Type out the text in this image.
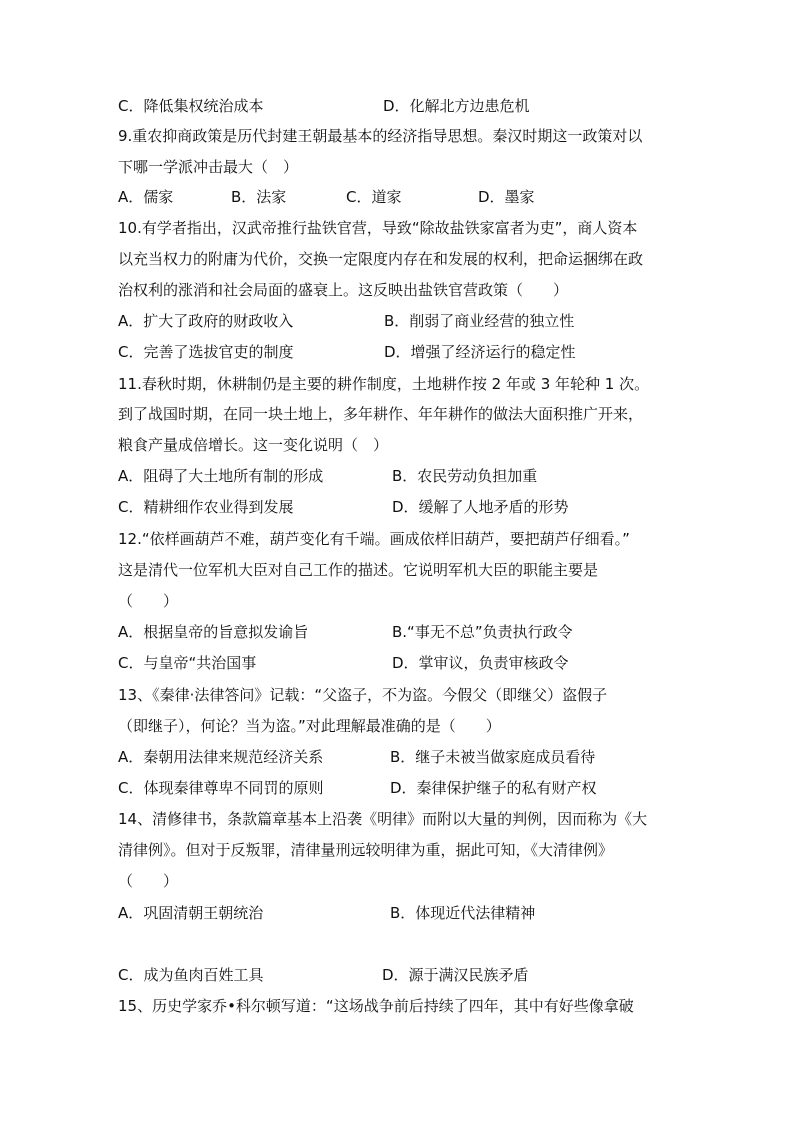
C．降低集权统治成本	D．化解北方边患危机
9.重农抑商政策是历代封建王朝最基本的经济指导思想。秦汉时期这一政策对以
下哪一学派冲击最大（　）
A．儒家	B．法家	C．道家	D．墨家
10.有学者指出，汉武帝推行盐铁官营，导致“除故盐铁家富者为吏”，商人资本
以充当权力的附庸为代价，交换一定限度内存在和发展的权利，把命运捆绑在政
治权利的涨消和社会局面的盛衰上。这反映出盐铁官营政策（　　）
A．扩大了政府的财政收入	B．削弱了商业经营的独立性
C．完善了选拔官吏的制度	D．增强了经济运行的稳定性
11.春秋时期，休耕制仍是主要的耕作制度，土地耕作按 2 年或 3 年轮种 1 次。
到了战国时期，在同一块土地上，多年耕作、年年耕作的做法大面积推广开来，
粮食产量成倍增长。这一变化说明（　）
A．阻碍了大土地所有制的形成	B．农民劳动负担加重
C．精耕细作农业得到发展	D．缓解了人地矛盾的形势
12.“依样画葫芦不难，葫芦变化有千端。画成依样旧葫芦，要把葫芦仔细看。”
这是清代一位军机大臣对自己工作的描述。它说明军机大臣的职能主要是
（　　）
A．根据皇帝的旨意拟发谕旨	B.“事无不总”负责执行政令
C．与皇帝“共治国事	D．掌审议，负责审核政令
13、《秦律·法律答问》记载：“父盗子，不为盗。今假父（即继父）盗假子
（即继子），何论？当为盗。”对此理解最准确的是（　　）
A．秦朝用法律来规范经济关系	B．继子未被当做家庭成员看待
C．体现秦律尊卑不同罚的原则	D．秦律保护继子的私有财产权
14、清修律书，条款篇章基本上沿袭《明律》而附以大量的判例，因而称为《大
清律例》。但对于反叛罪，清律量刑远较明律为重，据此可知，《大清律例》
（　　）
A．巩固清朝王朝统治	B．体现近代法律精神
C．成为鱼肉百姓工具	D．源于满汉民族矛盾
15、历史学家乔•科尔顿写道：“这场战争前后持续了四年，其中有好些像拿破
